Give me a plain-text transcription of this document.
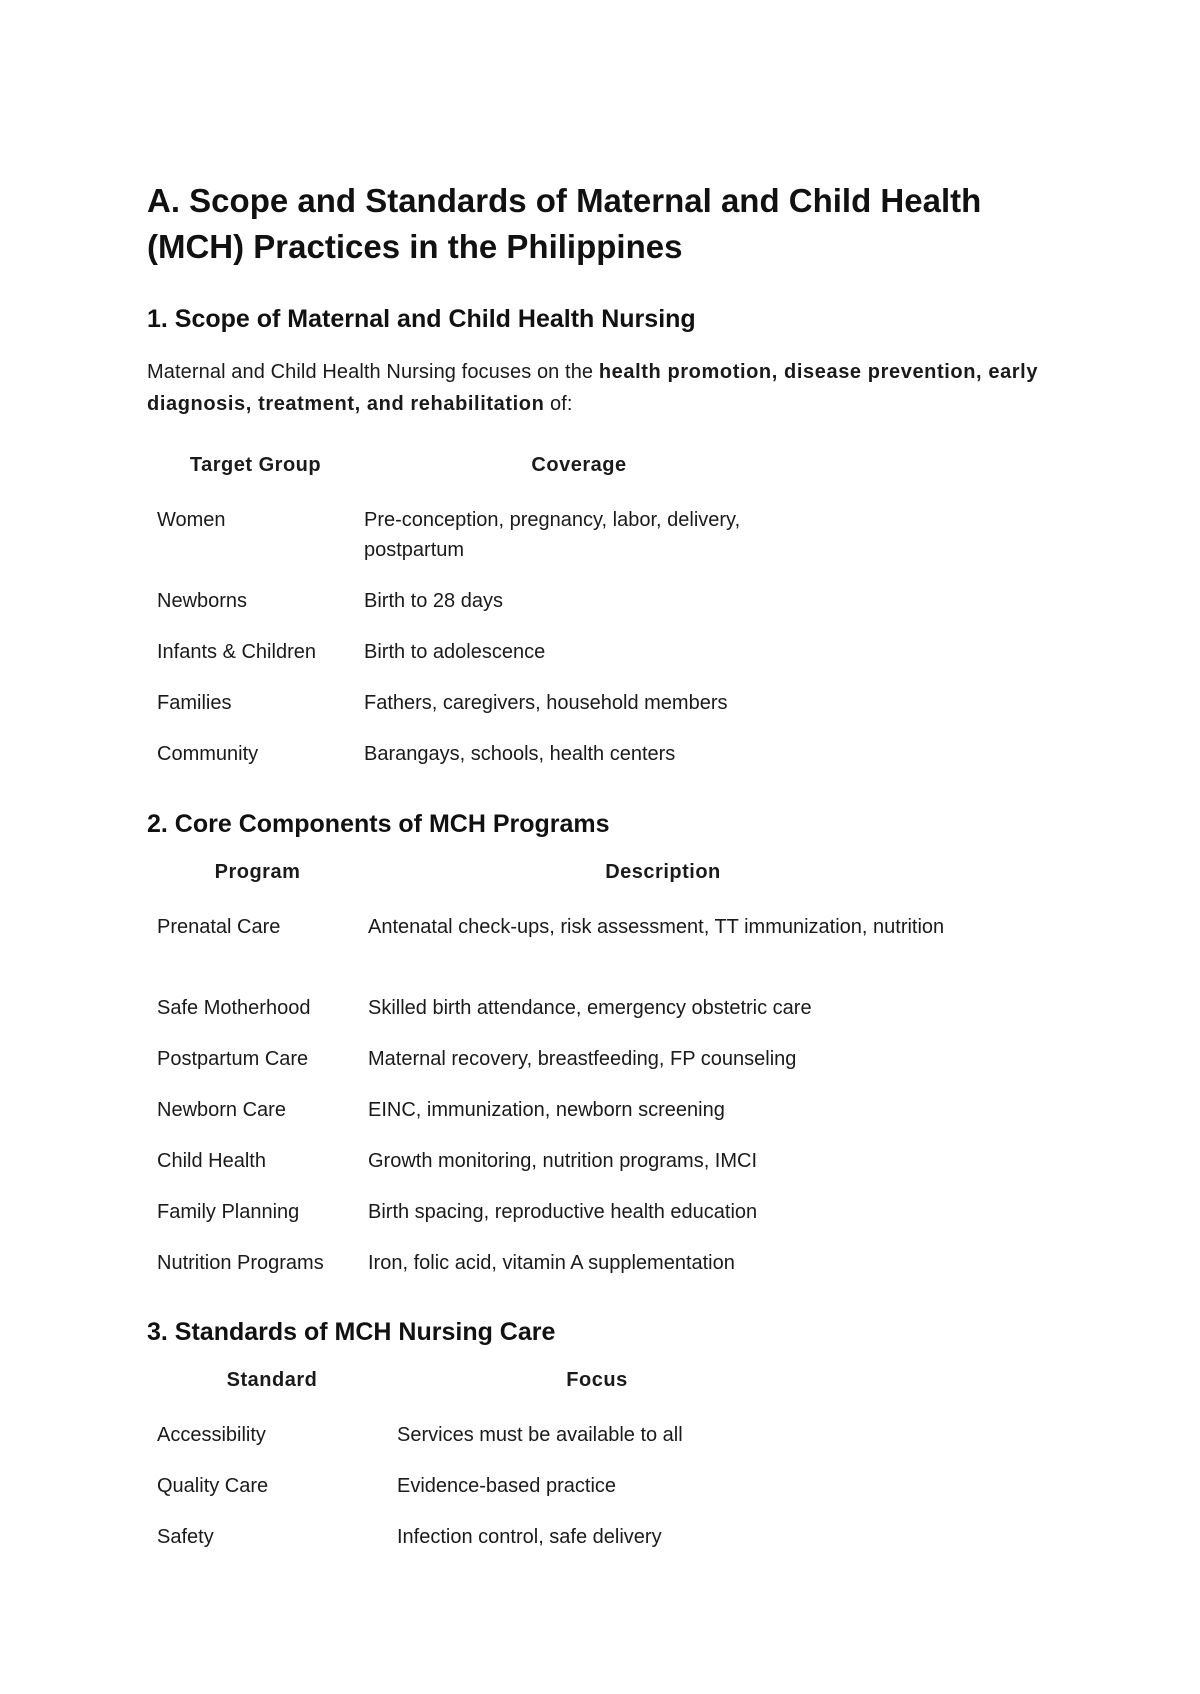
A. Scope and Standards of Maternal and Child Health (MCH) Practices in the Philippines
1. Scope of Maternal and Child Health Nursing

Maternal and Child Health Nursing focuses on the health promotion, disease prevention, early diagnosis, treatment, and rehabilitation of:

Target Group	Coverage
Women	Pre-conception, pregnancy, labor, delivery, postpartum
Newborns	Birth to 28 days
Infants & Children	Birth to adolescence
Families	Fathers, caregivers, household members
Community	Barangays, schools, health centers
2. Core Components of MCH Programs
Program	Description
Prenatal Care	Antenatal check-ups, risk assessment, TT immunization, nutrition
Safe Motherhood	Skilled birth attendance, emergency obstetric care
Postpartum Care	Maternal recovery, breastfeeding, FP counseling
Newborn Care	EINC, immunization, newborn screening
Child Health	Growth monitoring, nutrition programs, IMCI
Family Planning	Birth spacing, reproductive health education
Nutrition Programs	Iron, folic acid, vitamin A supplementation
3. Standards of MCH Nursing Care
Standard	Focus
Accessibility	Services must be available to all
Quality Care	Evidence-based practice
Safety	Infection control, safe delivery
